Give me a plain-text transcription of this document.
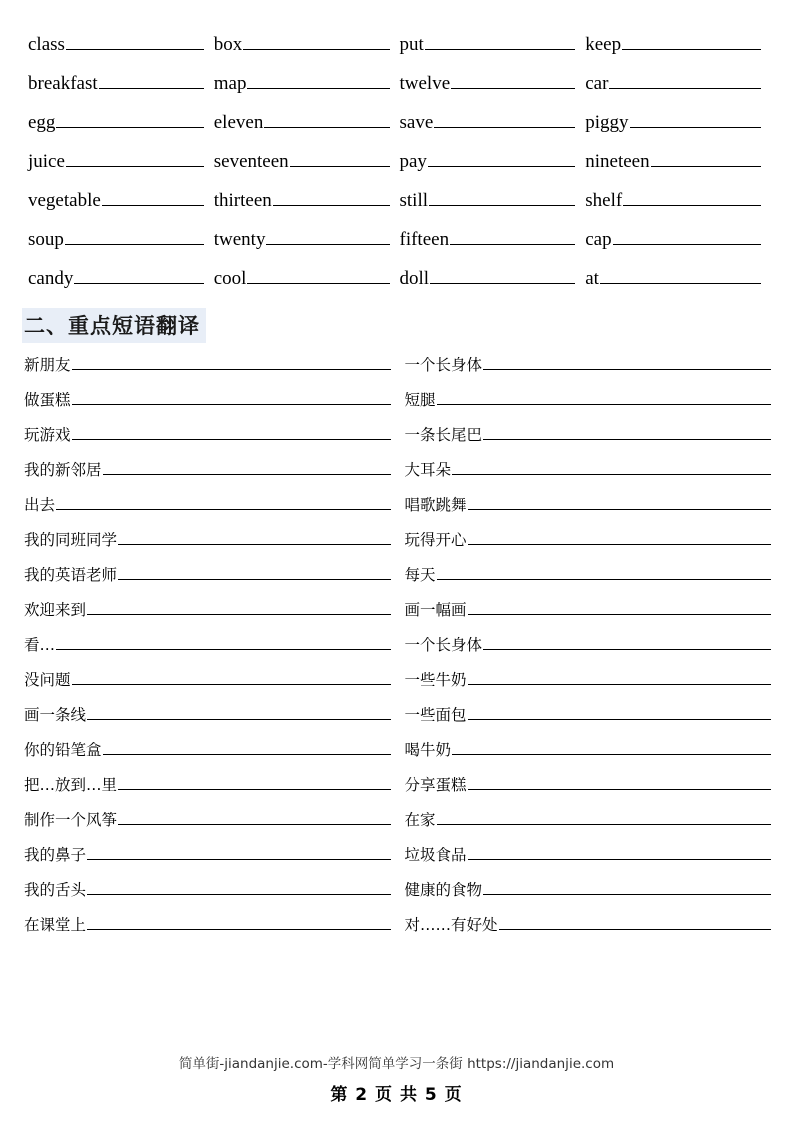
class	box	put	keep
breakfast	map	twelve	car
egg	eleven	save	piggy
juice	seventeen	pay	nineteen
vegetable	thirteen	still	shelf
soup	twenty	fifteen	cap
candy	cool	doll	at
二、重点短语翻译
新朋友	一个长身体
做蛋糕	短腿
玩游戏	一条长尾巴
我的新邻居	大耳朵
出去	唱歌跳舞
我的同班同学	玩得开心
我的英语老师	每天
欢迎来到	画一幅画
看…	一个长身体
没问题	一些牛奶
画一条线	一些面包
你的铅笔盒	喝牛奶
把…放到…里	分享蛋糕
制作一个风筝	在家
我的鼻子	垃圾食品
我的舌头	健康的食物
在课堂上	对……有好处
简单街-jiandanjie.com-学科网简单学习一条街 https://jiandanjie.com
第 2 页 共 5 页
